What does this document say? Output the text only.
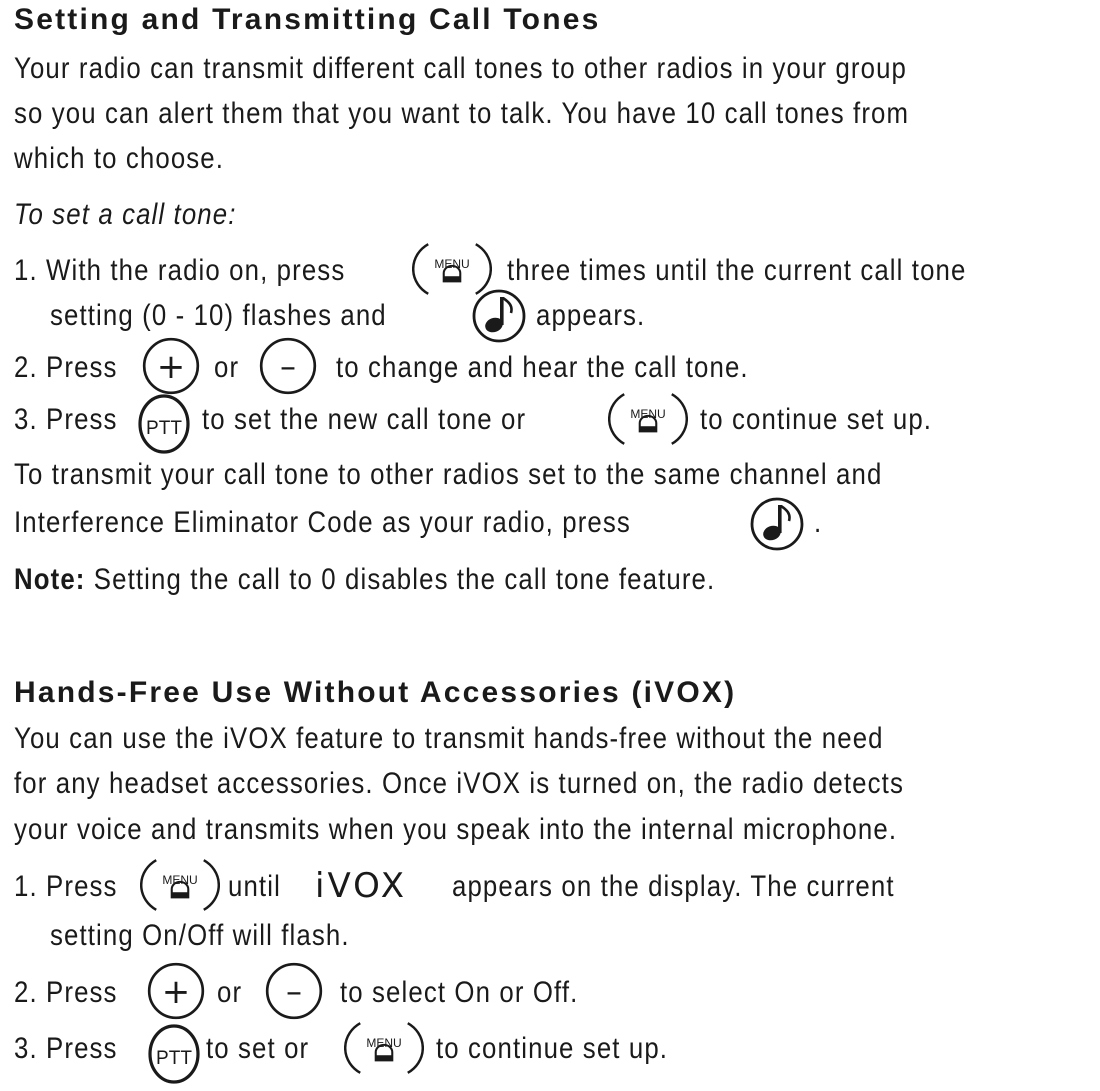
Setting and Transmitting Call Tones
Your radio can transmit different call tones to other radios in your group
so you can alert them that you want to talk. You have 10 call tones from
which to choose.
To set a call tone:
1. With the radio on, press	MENU three times until the current call tone
setting (0 - 10) flashes and	appears.
2. Press + or – to change and hear the call tone.
3. Press PTT to set the new call tone or	MENU to continue set up.
To transmit your call tone to other radios set to the same channel and
Interference Eliminator Code as your radio, press	.
Note: Setting the call to 0 disables the call tone feature.
Hands-Free Use Without Accessories (iVOX)
You can use the iVOX feature to transmit hands-free without the need
for any headset accessories. Once iVOX is turned on, the radio detects
your voice and transmits when you speak into the internal microphone.
1. Press	MENU until iVOX appears on the display. The current
setting On/Off will flash.
2. Press + or – to select On or Off.
3. Press PTT to set or	MENU to continue set up.
